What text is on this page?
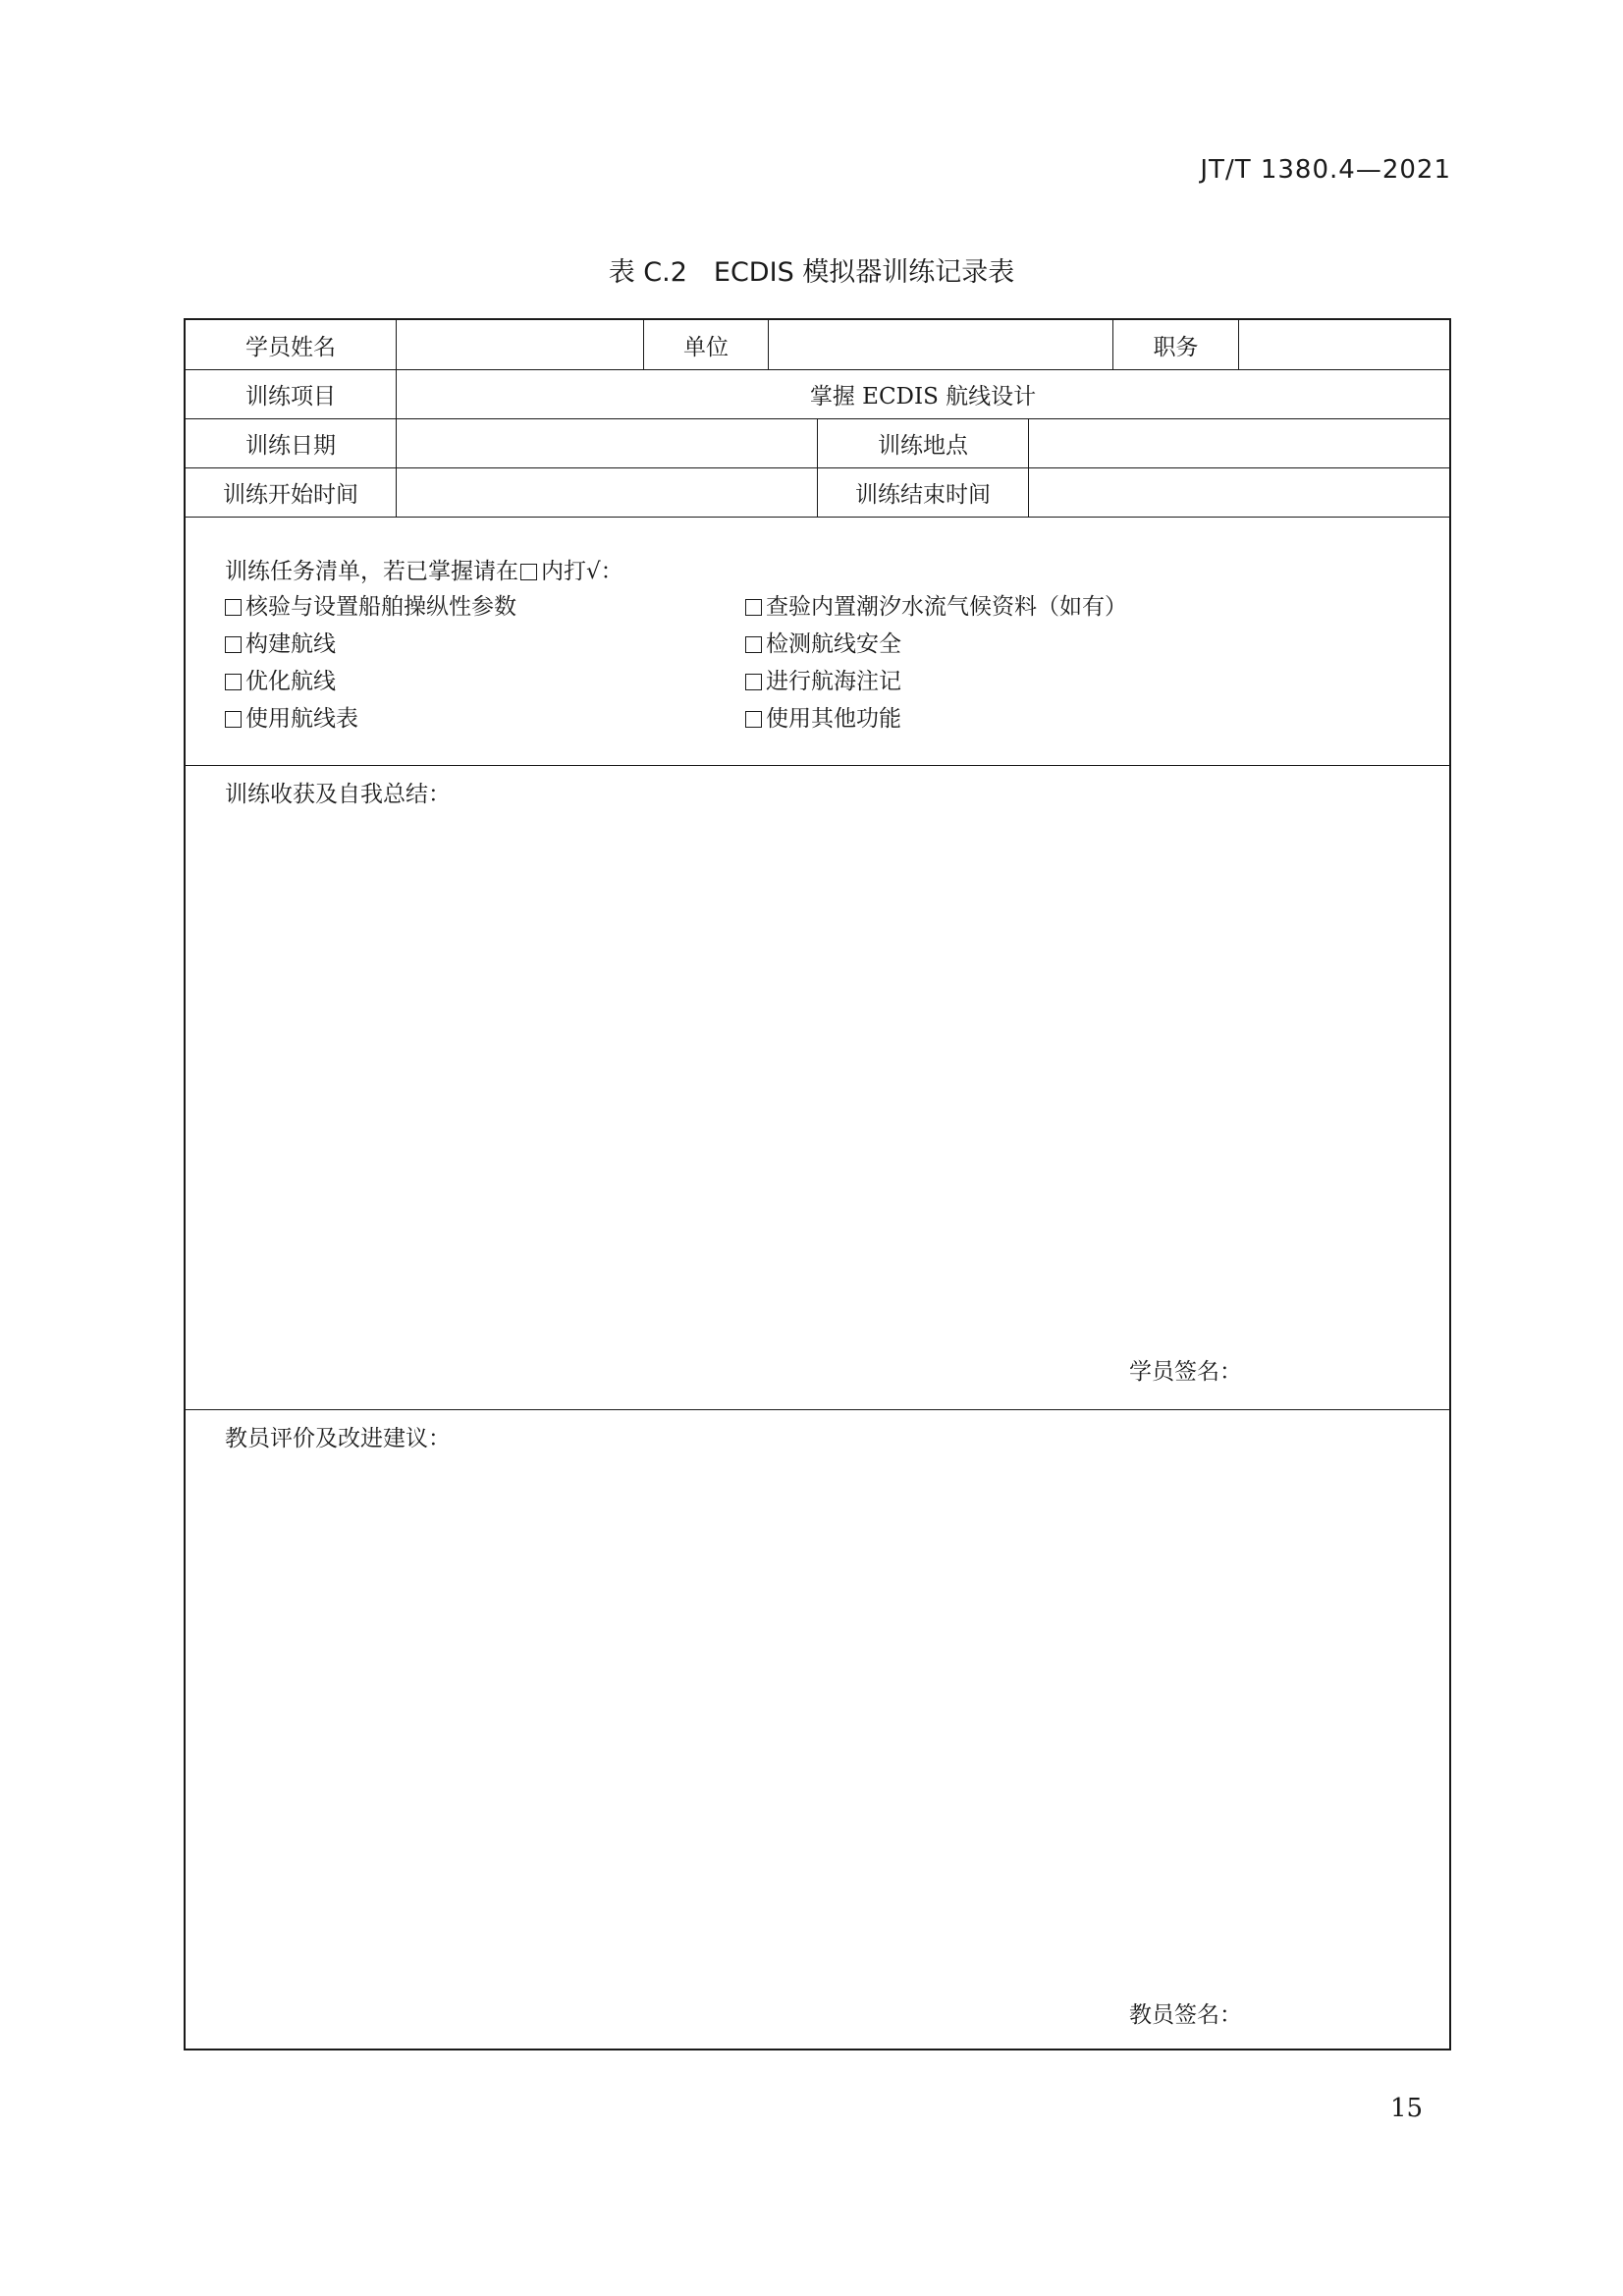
JT/T 1380.4—2021
表 C.2　ECDIS 模拟器训练记录表
学员姓名	单位	职务
训练项目	掌握 ECDIS 航线设计
训练日期	训练地点
训练开始时间	训练结束时间
训练任务清单，若已掌握请在 内打√：
核验与设置船舶操纵性参数	查验内置潮汐水流气候资料（如有）
构建航线	检测航线安全
优化航线	进行航海注记
使用航线表	使用其他功能
训练收获及自我总结：
学员签名：
教员评价及改进建议：
教员签名：
15
